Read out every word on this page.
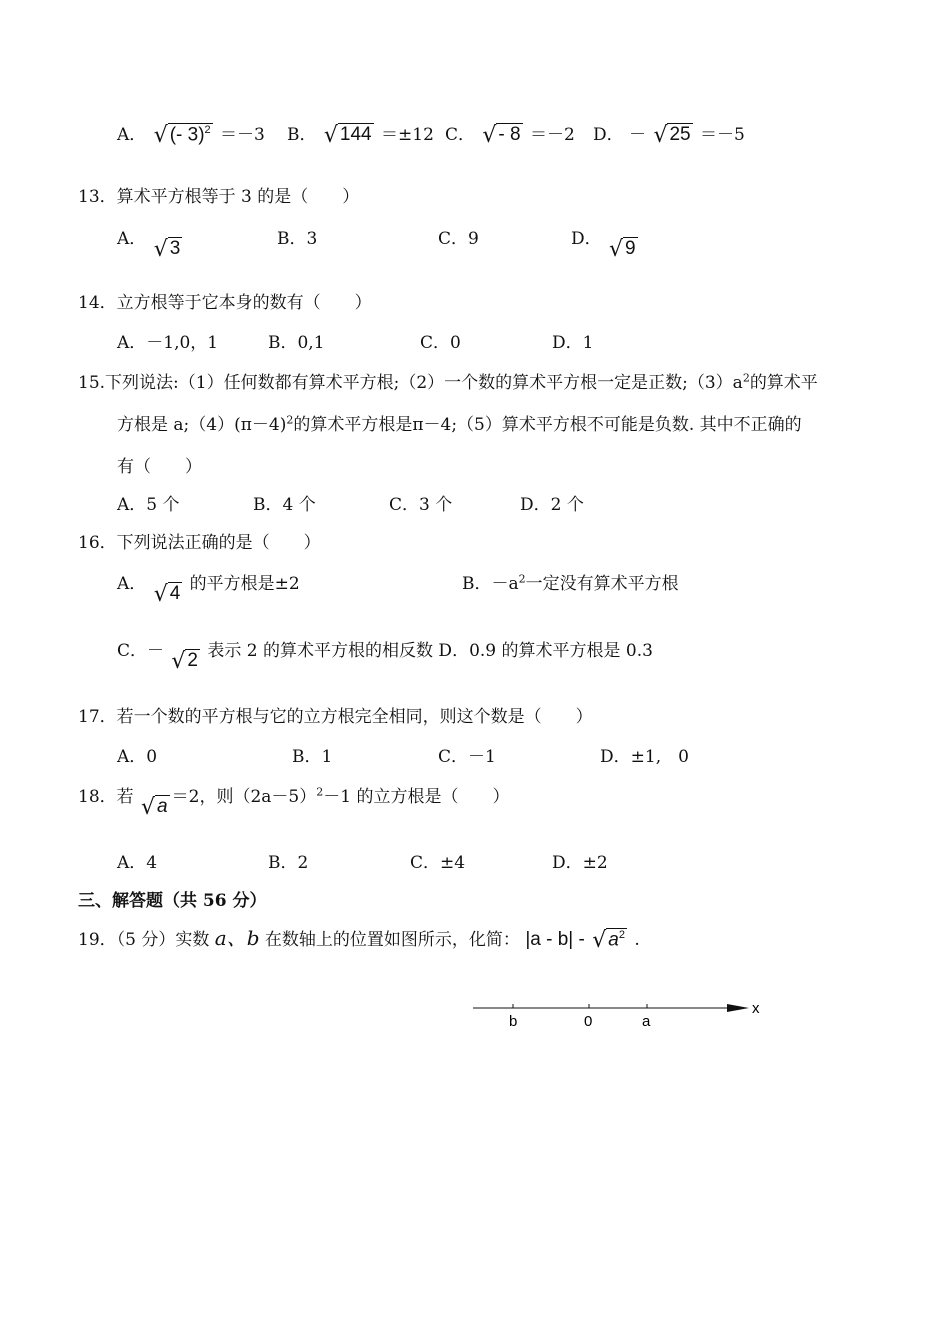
A． √ (- 3)$^2$ ＝－3 B． √ 144 ＝±12 C． √ - 8 ＝－2 D． － √ 25 ＝－5
13．算术平方根等于 3 的是（　　）
A． √ 3	B．3	C．9	D． √ 9
14．立方根等于它本身的数有（　　）
A．－1,0，1	B．0,1	C．0	D．1
15.下列说法:（1）任何数都有算术平方根;（2）一个数的算术平方根一定是正数$;(3)a^2$的算术平
方根是 $a;(4)(\pi-4)^2$的算术平方根是π－4;（5）算术平方根不可能是负数. 其中不正确的
有（　　）
A．5 个	B．4 个	C．3 个	D．2 个
16．下列说法正确的是（　　）
A． √ 4 的平方根是±2	B．$-a^2$一定没有算术平方根
C．－ √ 2 表示 2 的算术平方根的相反数 D．0.9 的算术平方根是 0.3
17．若一个数的平方根与它的立方根完全相同，则这个数是（　　）
A．0	B．1	C．－1	D．±1,　0
18．若 √ a ＝2，则$(2a-5)^2-1$ 的立方根是（　　）
A．4	B．2	C．±4	D．±2
三、解答题（共 56 分）
19．（5 分）实数 a、b 在数轴上的位置如图所示，化简： |a - b| - √ $a^2$ .
b	0	a
x
